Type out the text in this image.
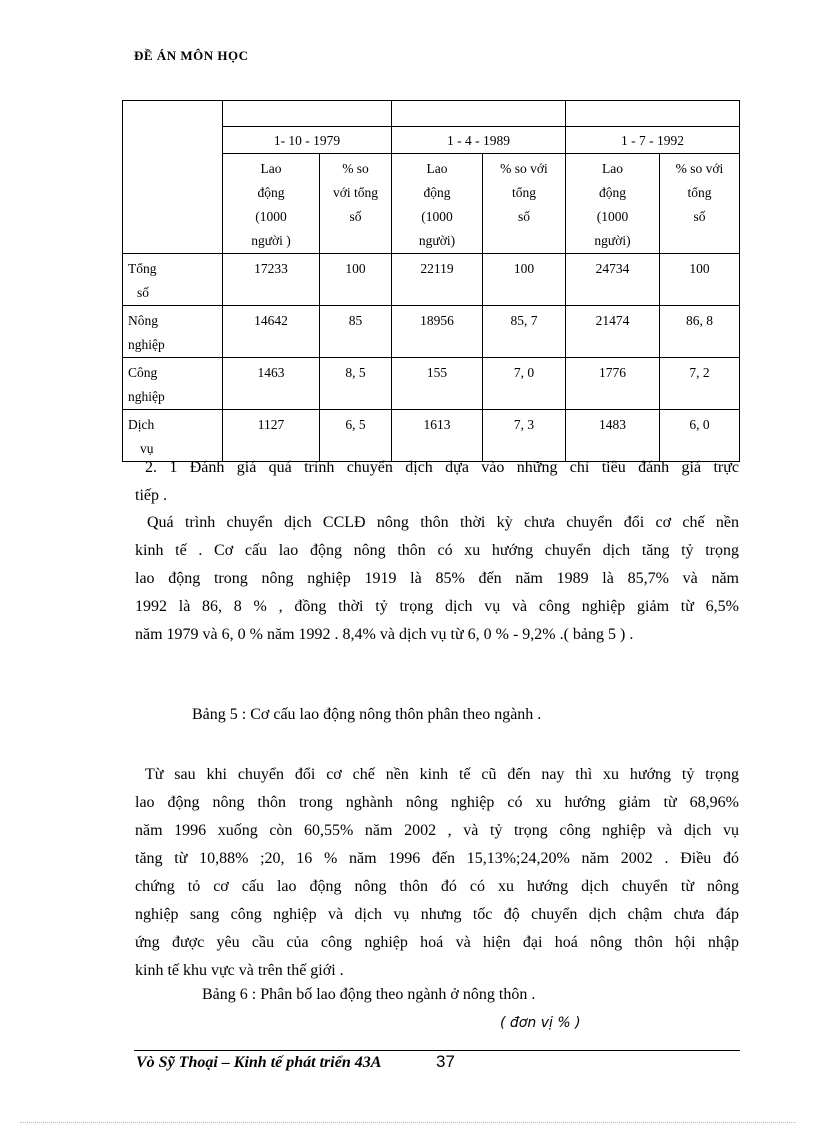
ĐỀ ÁN MÔN HỌC

	1- 10 - 1979		1 - 4 - 1989		1 - 7 - 1992	

	Lao
động
(1000
người )	% so
với tổng
số	Lao
động
(1000
người)	% so với
tổng
số	Lao
động
(1000
người)	% so với
tổng
số

Tổng
số	17233	100	22119	100	24734	100

Nông
nghiệp	14642	85	18956	85, 7	21474	86, 8

Công
nghiệp	1463	8, 5	155	7, 0	1776	7, 2

Dịch
vụ	1127	6, 5	1613	7, 3	1483	6, 0
2. 1 Đánh giá quá trình chuyển dịch dựa vào những chỉ tiêu đánh giá trực
tiếp .
Quá trình chuyển dịch CCLĐ nông thôn thời kỳ chưa chuyển đổi cơ chế nền
kinh tế . Cơ cấu lao động nông thôn có xu hướng chuyển dịch tăng tỷ trọng
lao động trong nông nghiệp 1919 là 85% đến năm 1989 là 85,7% và năm
1992 là 86, 8 % , đồng thời tỷ trọng dịch vụ và công nghiệp giảm từ 6,5%
năm 1979 và 6, 0 % năm 1992 . 8,4% và dịch vụ từ 6, 0 % - 9,2% .( bảng 5 ) .
Bảng 5 : Cơ cấu lao động nông thôn phân theo ngành .
Từ sau khi chuyển đổi cơ chế nền kinh tế cũ đến nay thì xu hướng tỷ trọng
lao động nông thôn trong nghành nông nghiệp có xu hướng giảm từ 68,96%
năm 1996 xuống còn 60,55% năm 2002 , và tỷ trọng công nghiệp và dịch vụ
tăng từ 10,88% ;20, 16 % năm 1996 đến 15,13%;24,20% năm 2002 . Điều đó
chứng tỏ cơ cấu lao động nông thôn đó có xu hướng dịch chuyển từ nông
nghiệp sang công nghiệp và dịch vụ nhưng tốc độ chuyển dịch chậm chưa đáp
ứng được yêu cầu của công nghiệp hoá và hiện đại hoá nông thôn hội nhập
kinh tế khu vực và trên thế giới .
Bảng 6 : Phân bố lao động theo ngành ở nông thôn .
( đơn vị % )
Vò Sỹ Thoại – Kinh tế phát triển 43A	37
